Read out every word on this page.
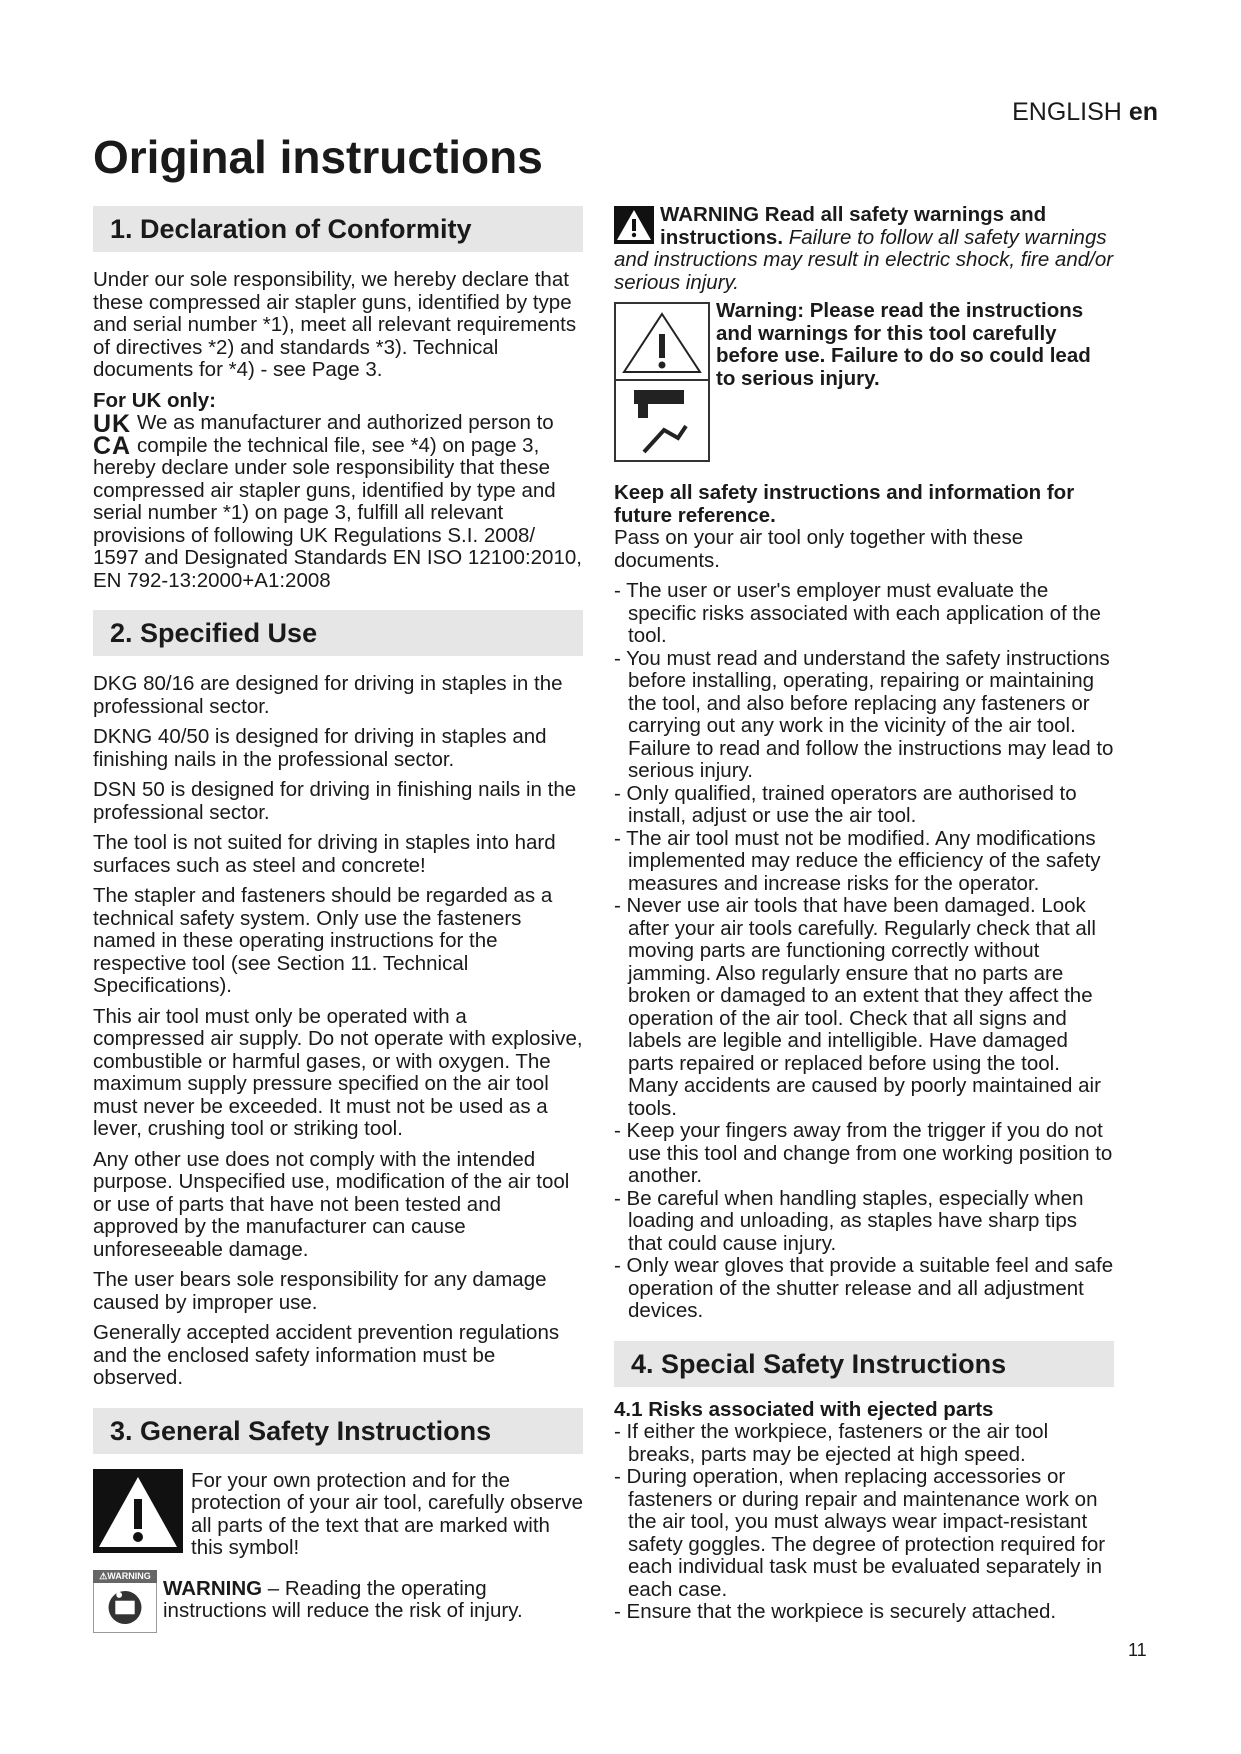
ENGLISH en
Original instructions
1. Declaration of Conformity

Under our sole responsibility, we hereby declare that these compressed air stapler guns, identified by type and serial number *1), meet all relevant requirements of directives *2) and standards *3). Technical documents for *4) - see Page 3.

For UK only:

UK
CA
We as manufacturer and authorized person to compile the technical file, see *4) on page 3, hereby declare under sole responsibility that these compressed air stapler guns, identified by type and serial number *1) on page 3, fulfill all relevant provisions of following UK Regulations S.I. 2008/ 1597 and Designated Standards EN ISO 12100:2010, EN 792-13:2000+A1:2008

2. Specified Use

DKG 80/16 are designed for driving in staples in the professional sector.

DKNG 40/50 is designed for driving in staples and finishing nails in the professional sector.

DSN 50 is designed for driving in finishing nails in the professional sector.

The tool is not suited for driving in staples into hard surfaces such as steel and concrete!

The stapler and fasteners should be regarded as a technical safety system. Only use the fasteners named in these operating instructions for the respective tool (see Section 11. Technical Specifications).

This air tool must only be operated with a compressed air supply. Do not operate with explosive, combustible or harmful gases, or with oxygen. The maximum supply pressure specified on the air tool must never be exceeded. It must not be used as a lever, crushing tool or striking tool.

Any other use does not comply with the intended purpose. Unspecified use, modification of the air tool or use of parts that have not been tested and approved by the manufacturer can cause unforeseeable damage.

The user bears sole responsibility for any damage caused by improper use.

Generally accepted accident prevention regulations and the enclosed safety information must be observed.

3. General Safety Instructions

For your own protection and for the protection of your air tool, carefully observe all parts of the text that are marked with this symbol!

⚠WARNING

WARNING – Reading the operating instructions will reduce the risk of injury.

WARNING Read all safety warnings and instructions. Failure to follow all safety warnings and instructions may result in electric shock, fire and/or serious injury.

Warning: Please read the instructions and warnings for this tool carefully before use. Failure to do so could lead to serious injury.

Keep all safety instructions and information for future reference.

Pass on your air tool only together with these documents.

- The user or user's employer must evaluate the specific risks associated with each application of the tool.
- You must read and understand the safety instructions before installing, operating, repairing or maintaining the tool, and also before replacing any fasteners or carrying out any work in the vicinity of the air tool. Failure to read and follow the instructions may lead to serious injury.
- Only qualified, trained operators are authorised to install, adjust or use the air tool.
- The air tool must not be modified. Any modifications implemented may reduce the efficiency of the safety measures and increase risks for the operator.
- Never use air tools that have been damaged. Look after your air tools carefully. Regularly check that all moving parts are functioning correctly without jamming. Also regularly ensure that no parts are broken or damaged to an extent that they affect the operation of the air tool. Check that all signs and labels are legible and intelligible. Have damaged parts repaired or replaced before using the tool. Many accidents are caused by poorly maintained air tools.
- Keep your fingers away from the trigger if you do not use this tool and change from one working position to another.
- Be careful when handling staples, especially when loading and unloading, as staples have sharp tips that could cause injury.
- Only wear gloves that provide a suitable feel and safe operation of the shutter release and all adjustment devices.
4. Special Safety Instructions

4.1 Risks associated with ejected parts

- If either the workpiece, fasteners or the air tool breaks, parts may be ejected at high speed.
- During operation, when replacing accessories or fasteners or during repair and maintenance work on the air tool, you must always wear impact-resistant safety goggles. The degree of protection required for each individual task must be evaluated separately in each case.
- Ensure that the workpiece is securely attached.
11
